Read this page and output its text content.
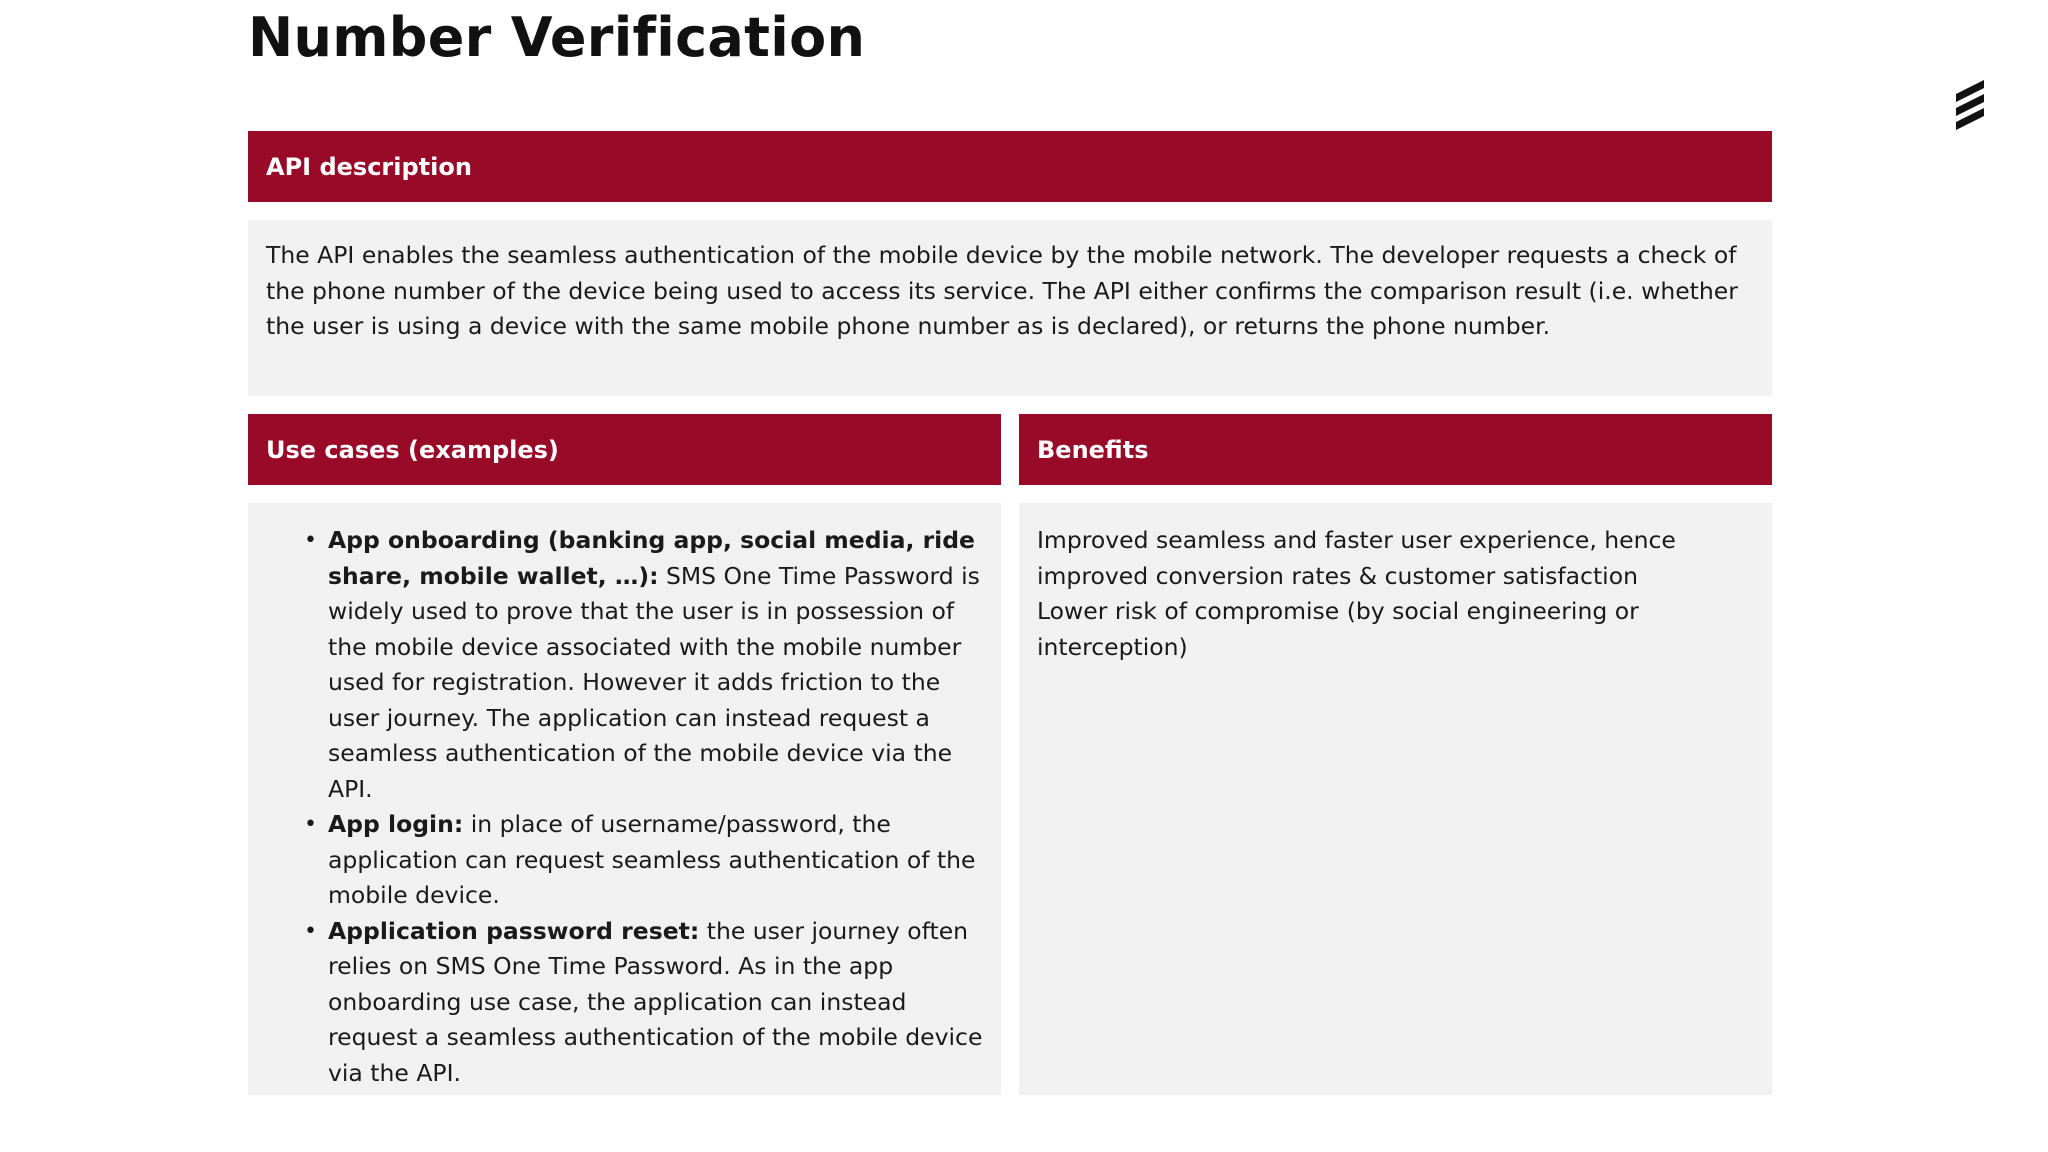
Number Verification
API description
The API enables the seamless authentication of the mobile device by the mobile network. The developer requests a check of the phone number of the device being used to access its service. The API either confirms the comparison result (i.e. whether the user is using a device with the same mobile phone number as is declared), or returns the phone number.
Use cases (examples)	Benefits
• App onboarding (banking app, social media, ride share, mobile wallet, …): SMS One Time Password is widely used to prove that the user is in possession of the mobile device associated with the mobile number used for registration. However it adds friction to the user journey. The application can instead request a seamless authentication of the mobile device via the API.
• App login: in place of username/password, the application can request seamless authentication of the mobile device.
• Application password reset: the user journey often relies on SMS One Time Password. As in the app onboarding use case, the application can instead request a seamless authentication of the mobile device via the API.
Improved seamless and faster user experience, hence improved conversion rates & customer satisfaction
Lower risk of compromise (by social engineering or interception)
